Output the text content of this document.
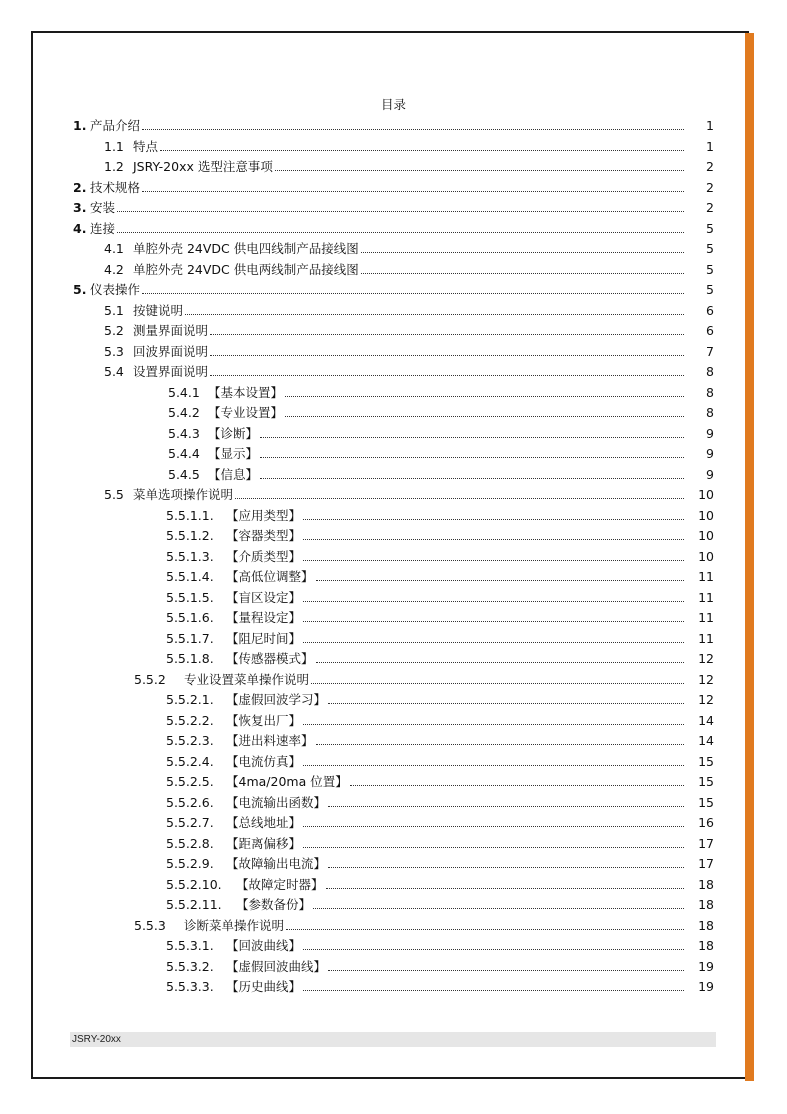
目录
1. 产品介绍	1
1.1 特点	1
1.2 JSRY-20xx 选型注意事项	2
2. 技术规格	2
3. 安装	2
4. 连接	5
4.1 单腔外壳 24VDC 供电四线制产品接线图	5
4.2 单腔外壳 24VDC 供电两线制产品接线图	5
5. 仪表操作	5
5.1 按键说明	6
5.2 测量界面说明	6
5.3 回波界面说明	7
5.4 设置界面说明	8
5.4.1 【基本设置】	8
5.4.2 【专业设置】	8
5.4.3 【诊断】	9
5.4.4 【显示】	9
5.4.5 【信息】	9
5.5 菜单选项操作说明	10
5.5.1.1. 【应用类型】	10
5.5.1.2. 【容器类型】	10
5.5.1.3. 【介质类型】	10
5.5.1.4. 【高低位调整】	11
5.5.1.5. 【盲区设定】	11
5.5.1.6. 【量程设定】	11
5.5.1.7. 【阻尼时间】	11
5.5.1.8. 【传感器模式】	12
5.5.2 专业设置菜单操作说明	12
5.5.2.1. 【虚假回波学习】	12
5.5.2.2. 【恢复出厂】	14
5.5.2.3. 【进出料速率】	14
5.5.2.4. 【电流仿真】	15
5.5.2.5. 【4ma/20ma 位置】	15
5.5.2.6. 【电流输出函数】	15
5.5.2.7. 【总线地址】	16
5.5.2.8. 【距离偏移】	17
5.5.2.9. 【故障输出电流】	17
5.5.2.10. 【故障定时器】	18
5.5.2.11. 【参数备份】	18
5.5.3 诊断菜单操作说明	18
5.5.3.1. 【回波曲线】	18
5.5.3.2. 【虚假回波曲线】	19
5.5.3.3. 【历史曲线】	19
JSRY-20xx
